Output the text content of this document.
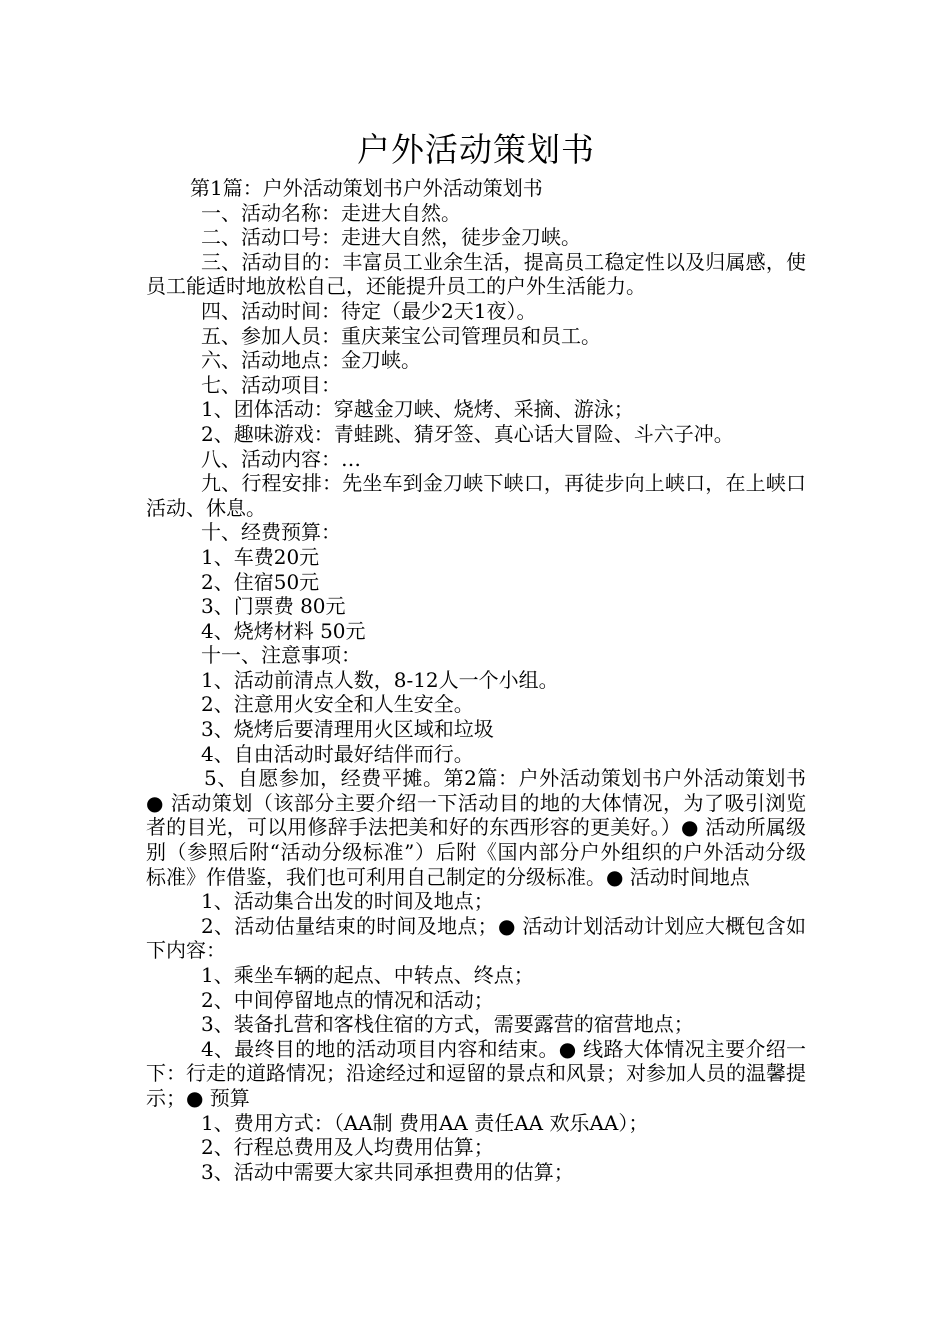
户外活动策划书

第1篇：户外活动策划书户外活动策划书

一、活动名称：走进大自然。

二、活动口号：走进大自然，徒步金刀峡。

三、活动目的：丰富员工业余生活，提高员工稳定性以及归属感，使员工能适时地放松自己，还能提升员工的户外生活能力。

四、活动时间：待定（最少2天1夜）。

五、参加人员：重庆莱宝公司管理员和员工。

六、活动地点：金刀峡。

七、活动项目：

1、团体活动：穿越金刀峡、烧烤、采摘、游泳；

2、趣味游戏：青蛙跳、猜牙签、真心话大冒险、斗六子冲。

八、活动内容：…

九、行程安排：先坐车到金刀峡下峡口，再徒步向上峡口，在上峡口活动、休息。

十、经费预算：

1、车费20元

2、住宿50元

3、门票费 80元

4、烧烤材料 50元

十一、注意事项：

1、活动前清点人数，8-12人一个小组。

2、注意用火安全和人生安全。

3、烧烤后要清理用火区域和垃圾

4、自由活动时最好结伴而行。

5、自愿参加，经费平摊。第2篇：户外活动策划书户外活动策划书● 活动策划（该部分主要介绍一下活动目的地的大体情况，为了吸引浏览者的目光，可以用修辞手法把美和好的东西形容的更美好。）● 活动所属级别（参照后附“活动分级标准”）后附《国内部分户外组织的户外活动分级标准》作借鉴，我们也可利用自己制定的分级标准。● 活动时间地点

1、活动集合出发的时间及地点；

2、活动估量结束的时间及地点；● 活动计划活动计划应大概包含如下内容：

1、乘坐车辆的起点、中转点、终点；

2、中间停留地点的情况和活动；

3、装备扎营和客栈住宿的方式，需要露营的宿营地点；

4、最终目的地的活动项目内容和结束。● 线路大体情况主要介绍一下：行走的道路情况；沿途经过和逗留的景点和风景；对参加人员的温馨提示；● 预算

1、费用方式：（AA制 费用AA 责任AA 欢乐AA）；

2、行程总费用及人均费用估算；

3、活动中需要大家共同承担费用的估算；
